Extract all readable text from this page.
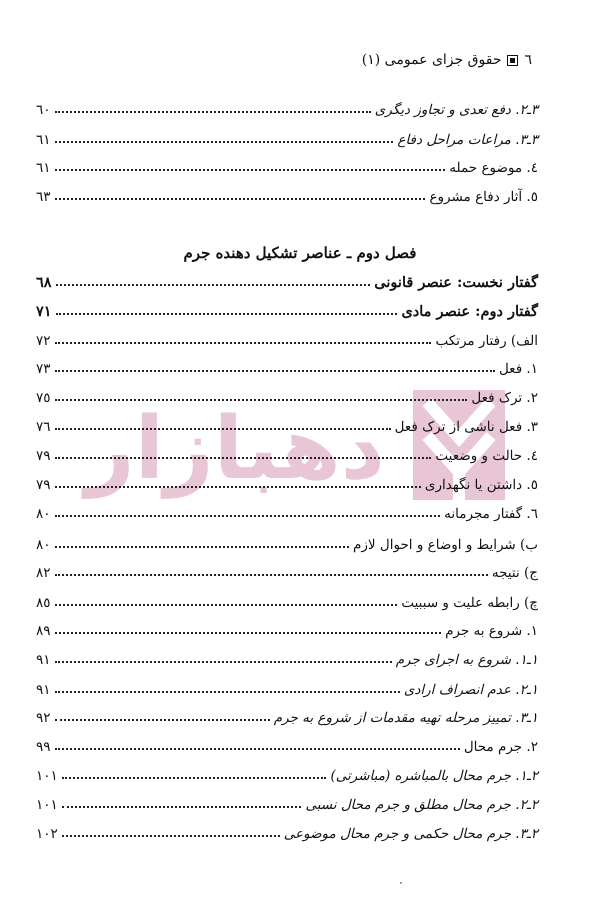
٦
حقوق جزای عمومی (١)
دهبازار
٣ـ٢. دفع تعدی و تجاوز دیگری
٦٠
٣ـ٣. مراعات مراحل دفاع
٦١
٤. موضوع حمله
٦١
٥. آثار دفاع مشروع
٦٣
فصل دوم ـ عناصر تشکیل دهنده جرم
گفتار نخست: عنصر قانونی
٦٨
گفتار دوم: عنصر مادی
٧١
الف) رفتار مرتکب
٧٢
١. فعل
٧٣
٢. ترک فعل
٧٥
٣. فعل ناشی از ترک فعل
٧٦
٤. حالت و وضعیت
٧٩
٥. داشتن یا نگهداری
٧٩
٦. گفتار مجرمانه
٨٠
ب) شرایط و اوضاع و احوال لازم
٨٠
ج) نتیجه
٨٢
چ) رابطه علیت و سببیت
٨٥
١. شروع به جرم
٨٩
١ـ١. شروع به اجرای جرم
٩١
١ـ٢. عدم انصراف ارادی
٩١
١ـ٣. تمییز مرحله تهیه مقدمات از شروع به جرم
٩٢
٢. جرم محال
٩٩
٢ـ١. جرم محال بالمباشره (مباشرتی)
١٠١
٢ـ٢. جرم محال مطلق و جرم محال نسبی
١٠١
٢ـ٣. جرم محال حکمی و جرم محال موضوعی
١٠٢
٠
